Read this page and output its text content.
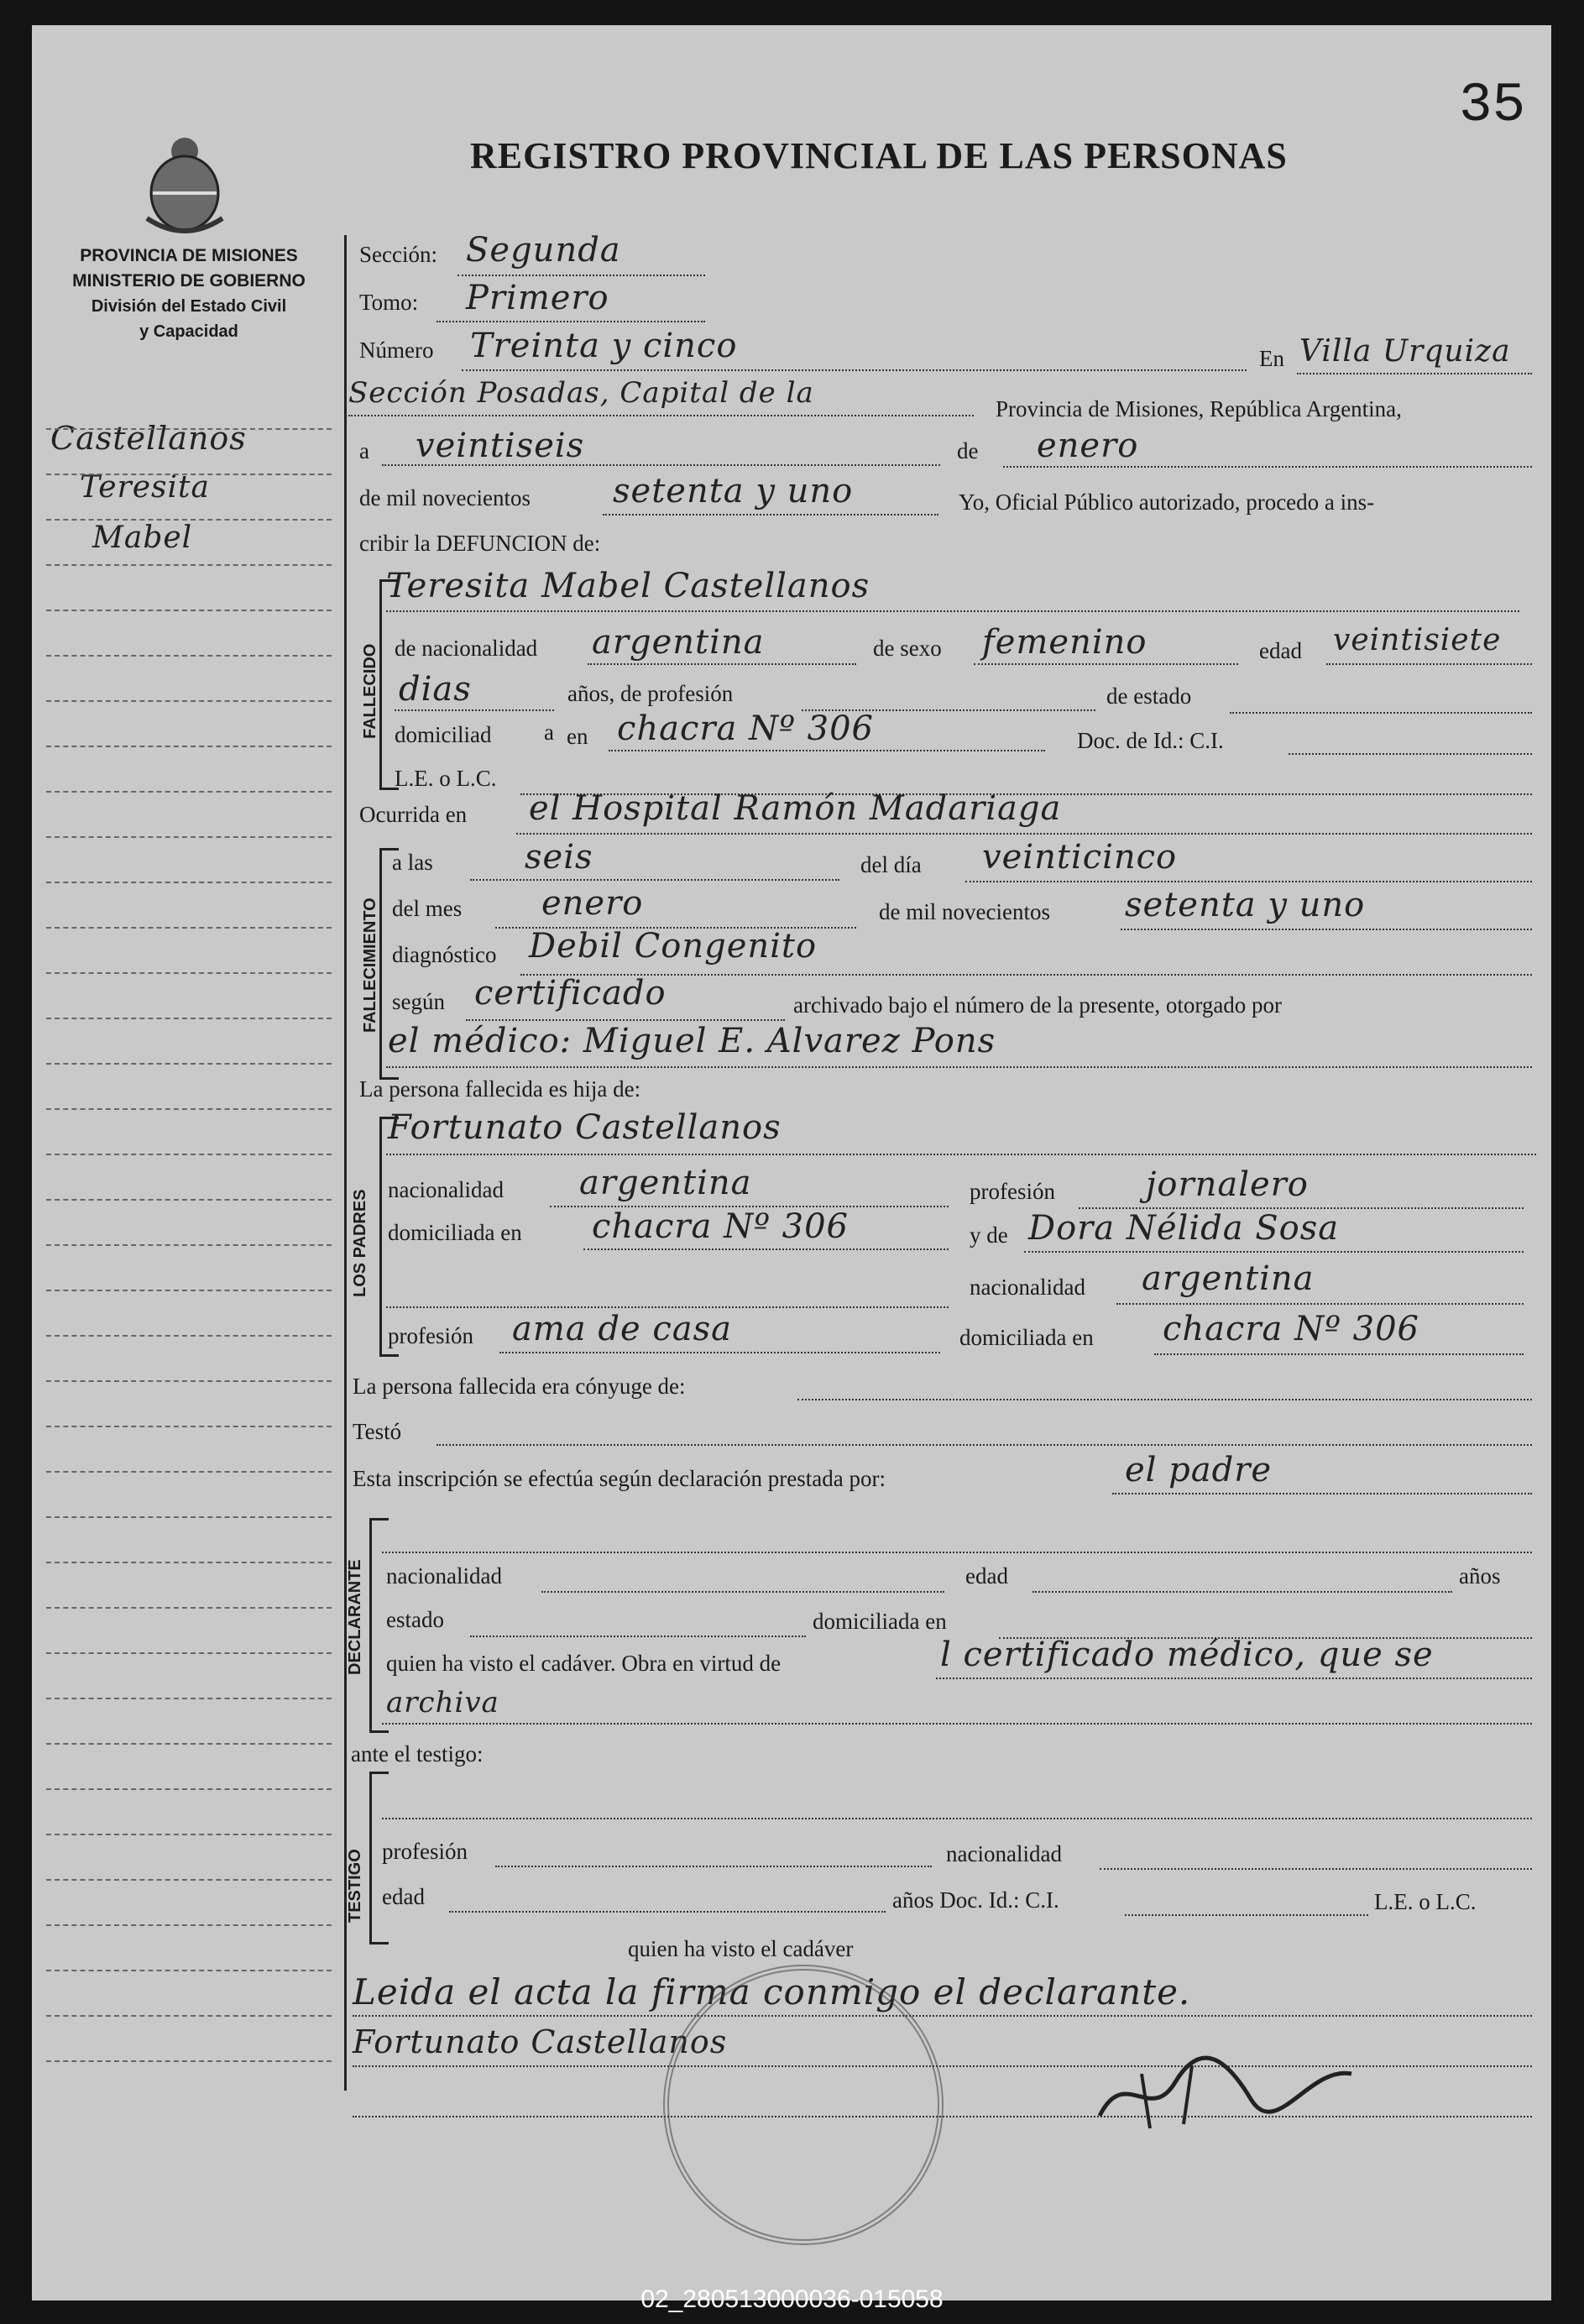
35
REGISTRO PROVINCIAL DE LAS PERSONAS
PROVINCIA DE MISIONES
MINISTERIO DE GOBIERNO
División del Estado Civil
y Capacidad
Castellanos
Teresita
Mabel
Sección: Segunda
Tomo: Primero
Número Treinta y cinco	En Villa Urquiza
Sección Posadas, Capital de la	Provincia de Misiones, República Argentina,
a veintiseis	de enero
de mil novecientos setenta y uno	Yo, Oficial Público autorizado, procedo a ins-
cribir la DEFUNCION de:
FALLECIDO
Teresita Mabel Castellanos
de nacionalidad argentina	de sexo femenino	edad veintisiete
dias	años, de profesión	de estado
domiciliad a en chacra Nº 306	Doc. de Id.: C.I.
L.E. o L.C.
Ocurrida en el Hospital Ramón Madariaga
FALLECIMIENTO
a las	seis	del día veinticinco
del mes enero	de mil novecientos setenta y uno
diagnóstico Debil Congenito
según certificado	archivado bajo el número de la presente, otorgado por
el médico: Miguel E. Alvarez Pons
La persona fallecida es hija de:
LOS PADRES
Fortunato Castellanos
nacionalidad argentina	profesión	jornalero
domiciliada en chacra Nº 306	y de Dora Nélida Sosa
nacionalidad argentina
profesión ama de casa	domiciliada en chacra Nº 306
La persona fallecida era cónyuge de:
Testó
Esta inscripción se efectúa según declaración prestada por:	el padre
DECLARANTE nacionalidad	edad	años
estado	domiciliada en
quien ha visto el cadáver. Obra en virtud de	l certificado médico, que se
archiva
ante el testigo:
TESTIGO profesión	nacionalidad
edad	años Doc. Id.: C.I.	L.E. o L.C.
quien ha visto el cadáver
Leida el acta la firma conmigo el declarante.
Fortunato Castellanos
02_280513000036-015058
